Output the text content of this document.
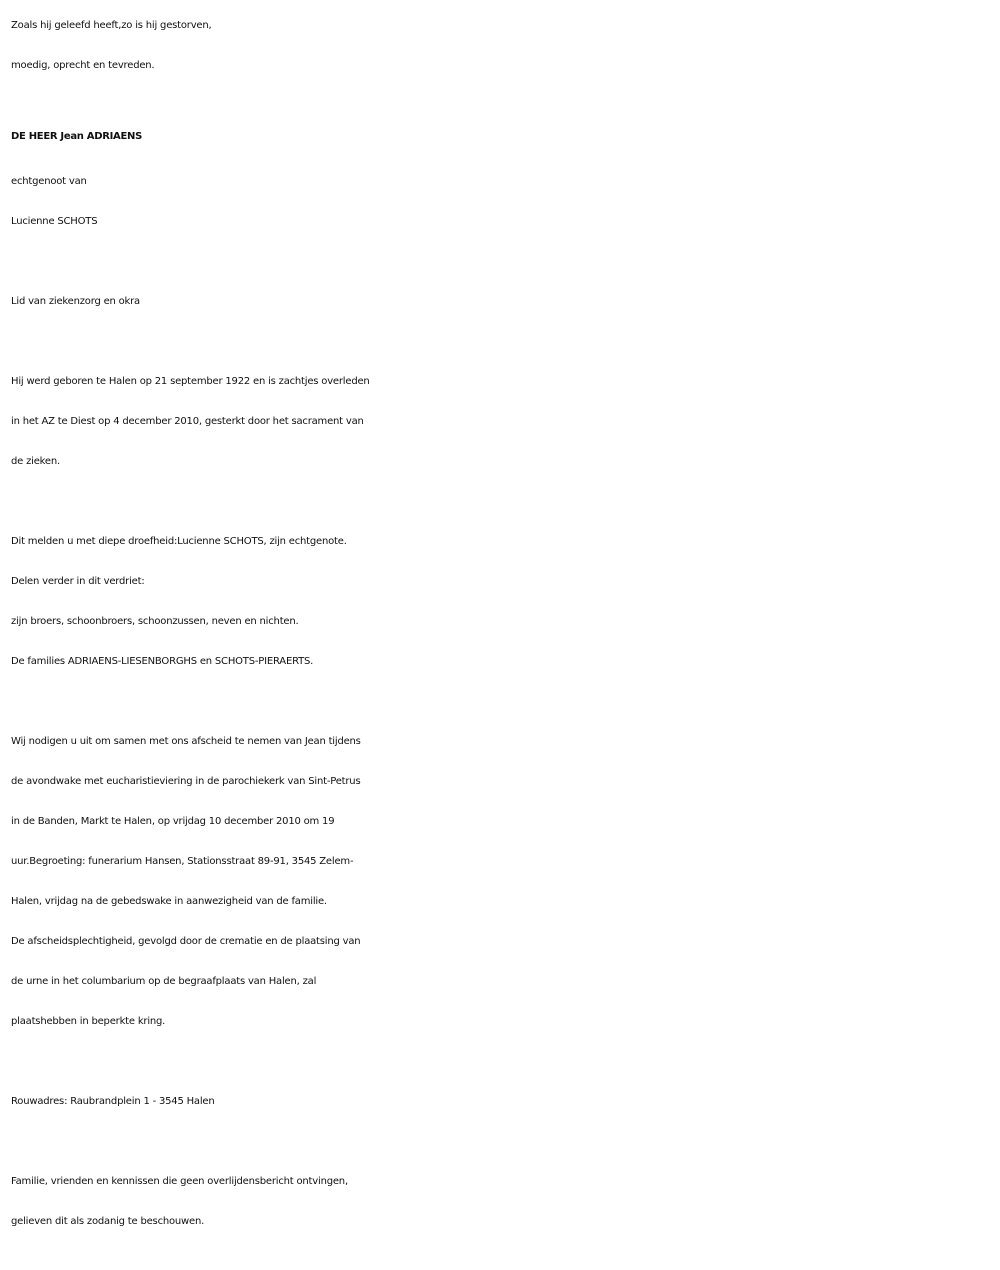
Zoals hij geleefd heeft,zo is hij gestorven,
moedig, oprecht en tevreden.
DE HEER Jean ADRIAENS
echtgenoot van
Lucienne SCHOTS
Lid van ziekenzorg en okra
Hij werd geboren te Halen op 21 september 1922 en is zachtjes overleden
in het AZ te Diest op 4 december 2010, gesterkt door het sacrament van
de zieken.
Dit melden u met diepe droefheid:Lucienne SCHOTS, zijn echtgenote.
Delen verder in dit verdriet:
zijn broers, schoonbroers, schoonzussen, neven en nichten.
De families ADRIAENS-LIESENBORGHS en SCHOTS-PIERAERTS.
Wij nodigen u uit om samen met ons afscheid te nemen van Jean tijdens
de avondwake met eucharistieviering in de parochiekerk van Sint-Petrus
in de Banden, Markt te Halen, op vrijdag 10 december 2010 om 19
uur.Begroeting: funerarium Hansen, Stationsstraat 89-91, 3545 Zelem-
Halen, vrijdag na de gebedswake in aanwezigheid van de familie.
De afscheidsplechtigheid, gevolgd door de crematie en de plaatsing van
de urne in het columbarium op de begraafplaats van Halen, zal
plaatshebben in beperkte kring.
Rouwadres: Raubrandplein 1 - 3545 Halen
Familie, vrienden en kennissen die geen overlijdensbericht ontvingen,
gelieven dit als zodanig te beschouwen.
